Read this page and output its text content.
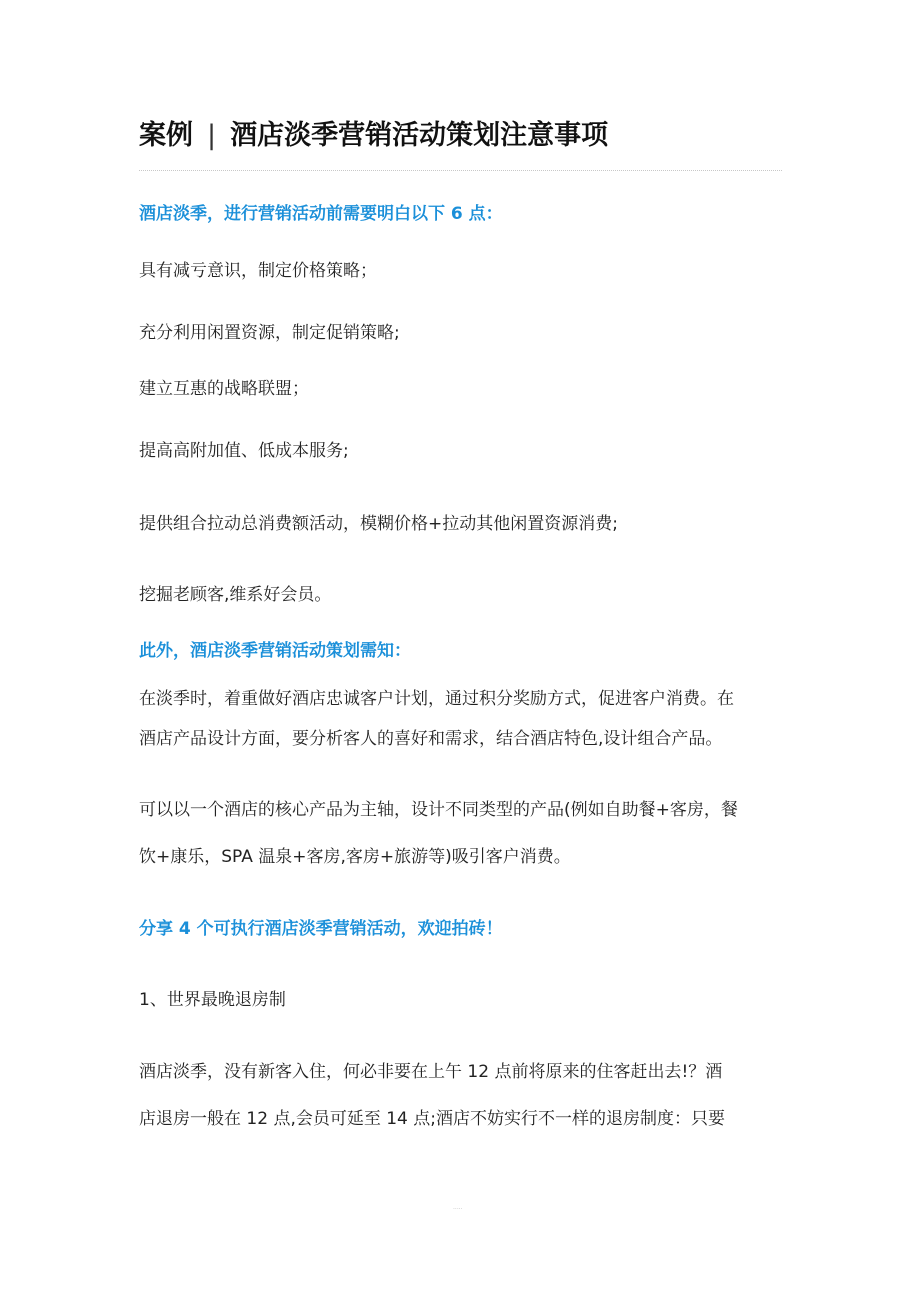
案例 | 酒店淡季营销活动策划注意事项

酒店淡季，进行营销活动前需要明白以下 6 点：

具有减亏意识，制定价格策略；

充分利用闲置资源，制定促销策略;

建立互惠的战略联盟；

提高高附加值、低成本服务;

提供组合拉动总消费额活动，模糊价格+拉动其他闲置资源消费;

挖掘老顾客,维系好会员。

此外，酒店淡季营销活动策划需知：

在淡季时，着重做好酒店忠诚客户计划，通过积分奖励方式，促进客户消费。在

酒店产品设计方面，要分析客人的喜好和需求，结合酒店特色,设计组合产品。

可以以一个酒店的核心产品为主轴，设计不同类型的产品(例如自助餐+客房，餐

饮+康乐，SPA 温泉+客房,客房+旅游等)吸引客户消费。

分享 4 个可执行酒店淡季营销活动，欢迎拍砖！

1、世界最晚退房制

酒店淡季，没有新客入住，何必非要在上午 12 点前将原来的住客赶出去!？酒

店退房一般在 12 点,会员可延至 14 点;酒店不妨实行不一样的退房制度：只要

.....
